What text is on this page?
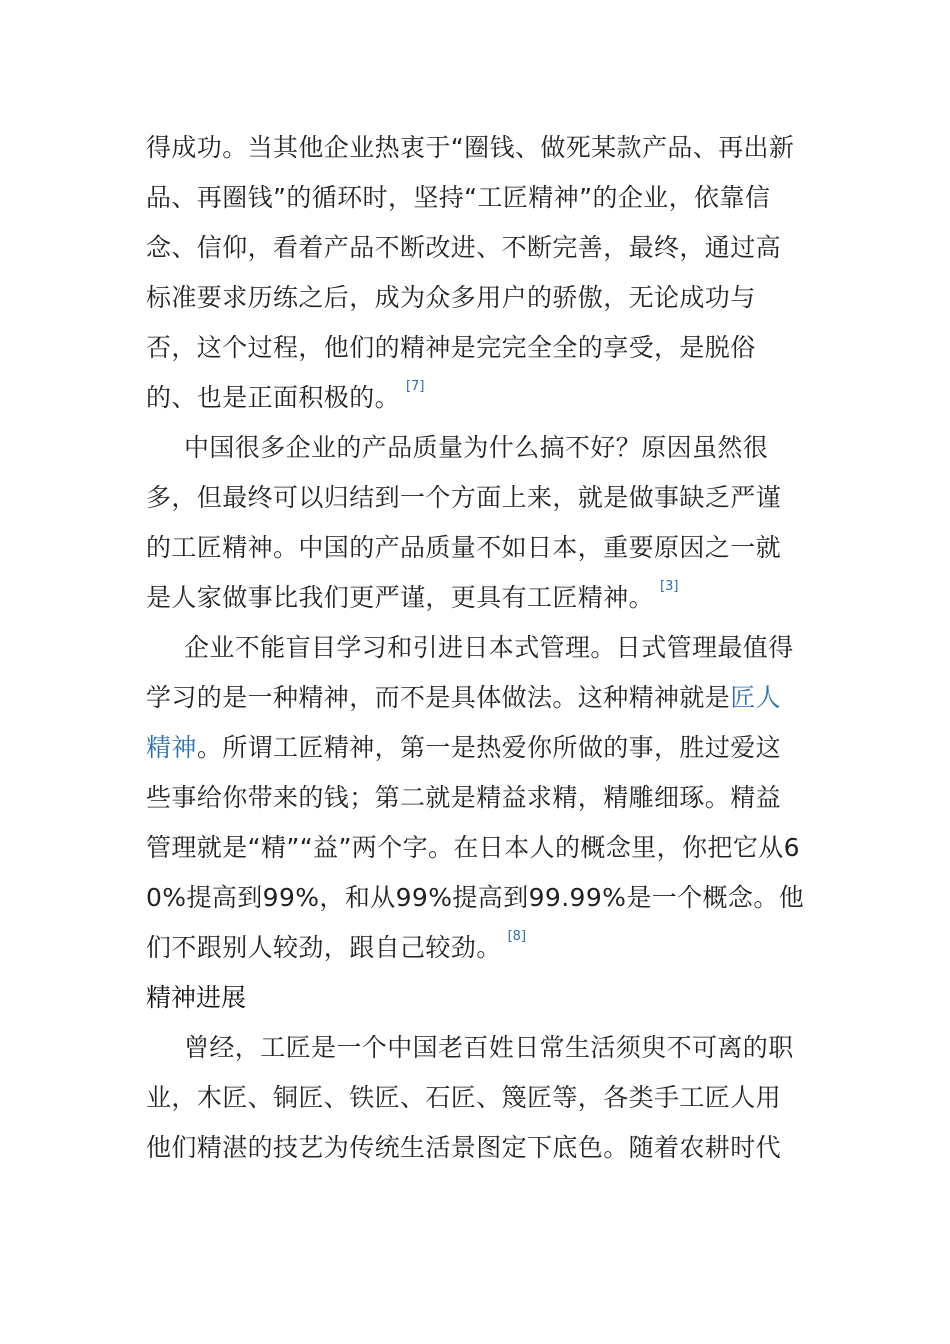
得成功。当其他企业热衷于“圈钱、做死某款产品、再出新品、再圈钱”的循环时，坚持“工匠精神”的企业，依靠信念、信仰，看着产品不断改进、不断完善，最终，通过高标准要求历练之后，成为众多用户的骄傲，无论成功与否，这个过程，他们的精神是完完全全的享受，是脱俗的、也是正面积极的。 [7]

中国很多企业的产品质量为什么搞不好？原因虽然很多，但最终可以归结到一个方面上来，就是做事缺乏严谨的工匠精神。中国的产品质量不如日本，重要原因之一就是人家做事比我们更严谨，更具有工匠精神。 [3]

企业不能盲目学习和引进日本式管理。日式管理最值得学习的是一种精神，而不是具体做法。这种精神就是匠人精神。所谓工匠精神，第一是热爱你所做的事，胜过爱这些事给你带来的钱；第二就是精益求精，精雕细琢。精益管理就是“精”“益”两个字。在日本人的概念里，你把它从60%提高到99%，和从99%提高到99.99%是一个概念。他们不跟别人较劲，跟自己较劲。 [8]

精神进展

曾经，工匠是一个中国老百姓日常生活须臾不可离的职业，木匠、铜匠、铁匠、石匠、篾匠等，各类手工匠人用他们精湛的技艺为传统生活景图定下底色。随着农耕时代
